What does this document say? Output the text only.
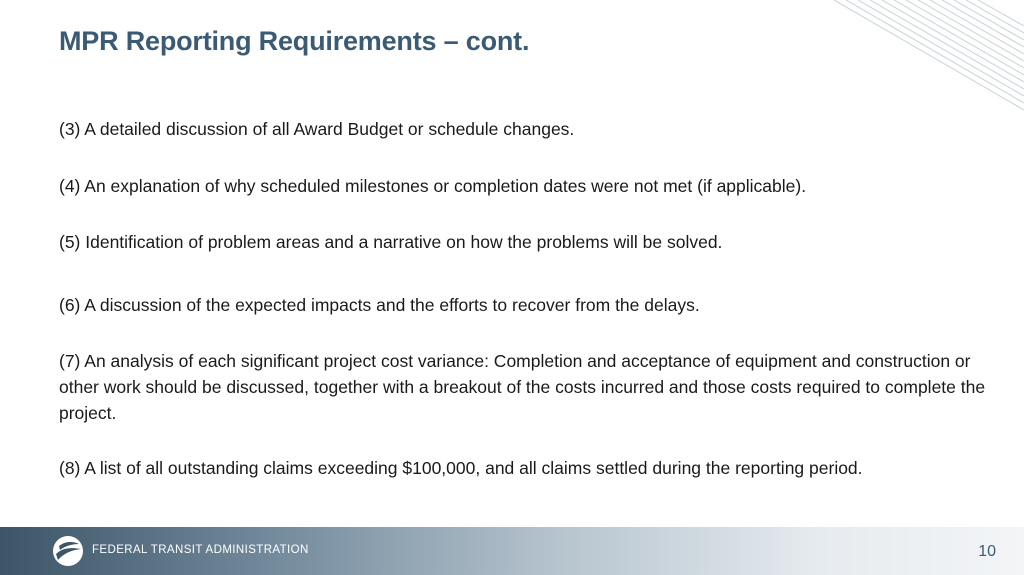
MPR Reporting Requirements – cont.
(3) A detailed discussion of all Award Budget or schedule changes.
(4) An explanation of why scheduled milestones or completion dates were not met (if applicable).
(5) Identification of problem areas and a narrative on how the problems will be solved.
(6) A discussion of the expected impacts and the efforts to recover from the delays.
(7) An analysis of each significant project cost variance: Completion and acceptance of equipment and construction or other work should be discussed, together with a breakout of the costs incurred and those costs required to complete the project.
(8) A list of all outstanding claims exceeding $100,000, and all claims settled during the reporting period.
FEDERAL TRANSIT ADMINISTRATION	10
